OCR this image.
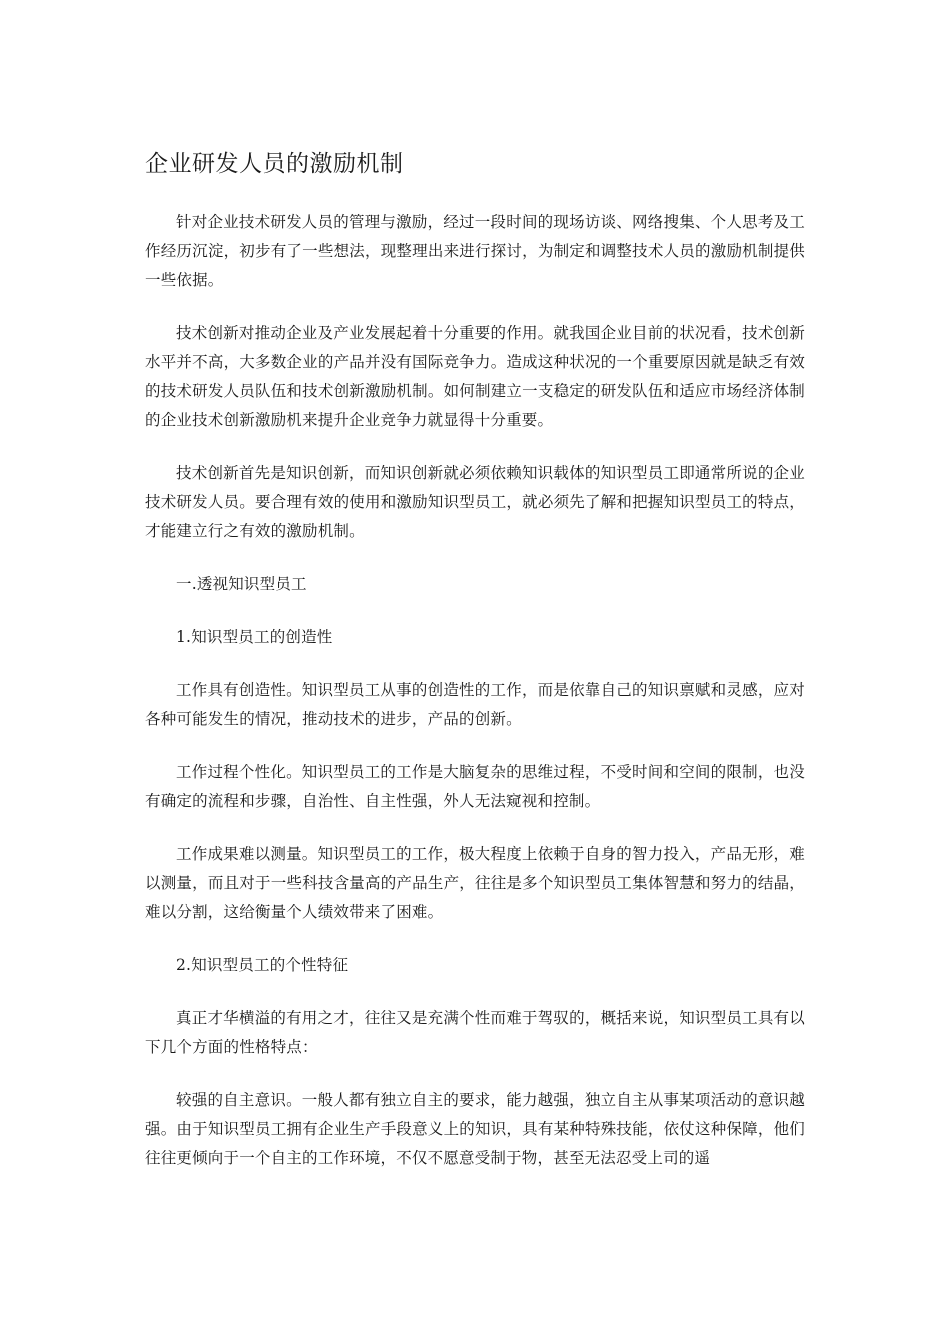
企业研发人员的激励机制

针对企业技术研发人员的管理与激励，经过一段时间的现场访谈、网络搜集、个人思考及工作经历沉淀，初步有了一些想法，现整理出来进行探讨，为制定和调整技术人员的激励机制提供一些依据。

技术创新对推动企业及产业发展起着十分重要的作用。就我国企业目前的状况看，技术创新水平并不高，大多数企业的产品并没有国际竞争力。造成这种状况的一个重要原因就是缺乏有效的技术研发人员队伍和技术创新激励机制。如何制建立一支稳定的研发队伍和适应市场经济体制的企业技术创新激励机来提升企业竞争力就显得十分重要。

技术创新首先是知识创新，而知识创新就必须依赖知识载体的知识型员工即通常所说的企业技术研发人员。要合理有效的使用和激励知识型员工，就必须先了解和把握知识型员工的特点，才能建立行之有效的激励机制。

一.透视知识型员工

1.知识型员工的创造性

工作具有创造性。知识型员工从事的创造性的工作，而是依靠自己的知识禀赋和灵感，应对各种可能发生的情况，推动技术的进步，产品的创新。

工作过程个性化。知识型员工的工作是大脑复杂的思维过程，不受时间和空间的限制，也没有确定的流程和步骤，自治性、自主性强，外人无法窥视和控制。

工作成果难以测量。知识型员工的工作，极大程度上依赖于自身的智力投入，产品无形，难以测量，而且对于一些科技含量高的产品生产，往往是多个知识型员工集体智慧和努力的结晶，难以分割，这给衡量个人绩效带来了困难。

2.知识型员工的个性特征

真正才华横溢的有用之才，往往又是充满个性而难于驾驭的，概括来说，知识型员工具有以下几个方面的性格特点：

较强的自主意识。一般人都有独立自主的要求，能力越强，独立自主从事某项活动的意识越强。由于知识型员工拥有企业生产手段意义上的知识，具有某种特殊技能，依仗这种保障，他们往往更倾向于一个自主的工作环境，不仅不愿意受制于物，甚至无法忍受上司的遥
